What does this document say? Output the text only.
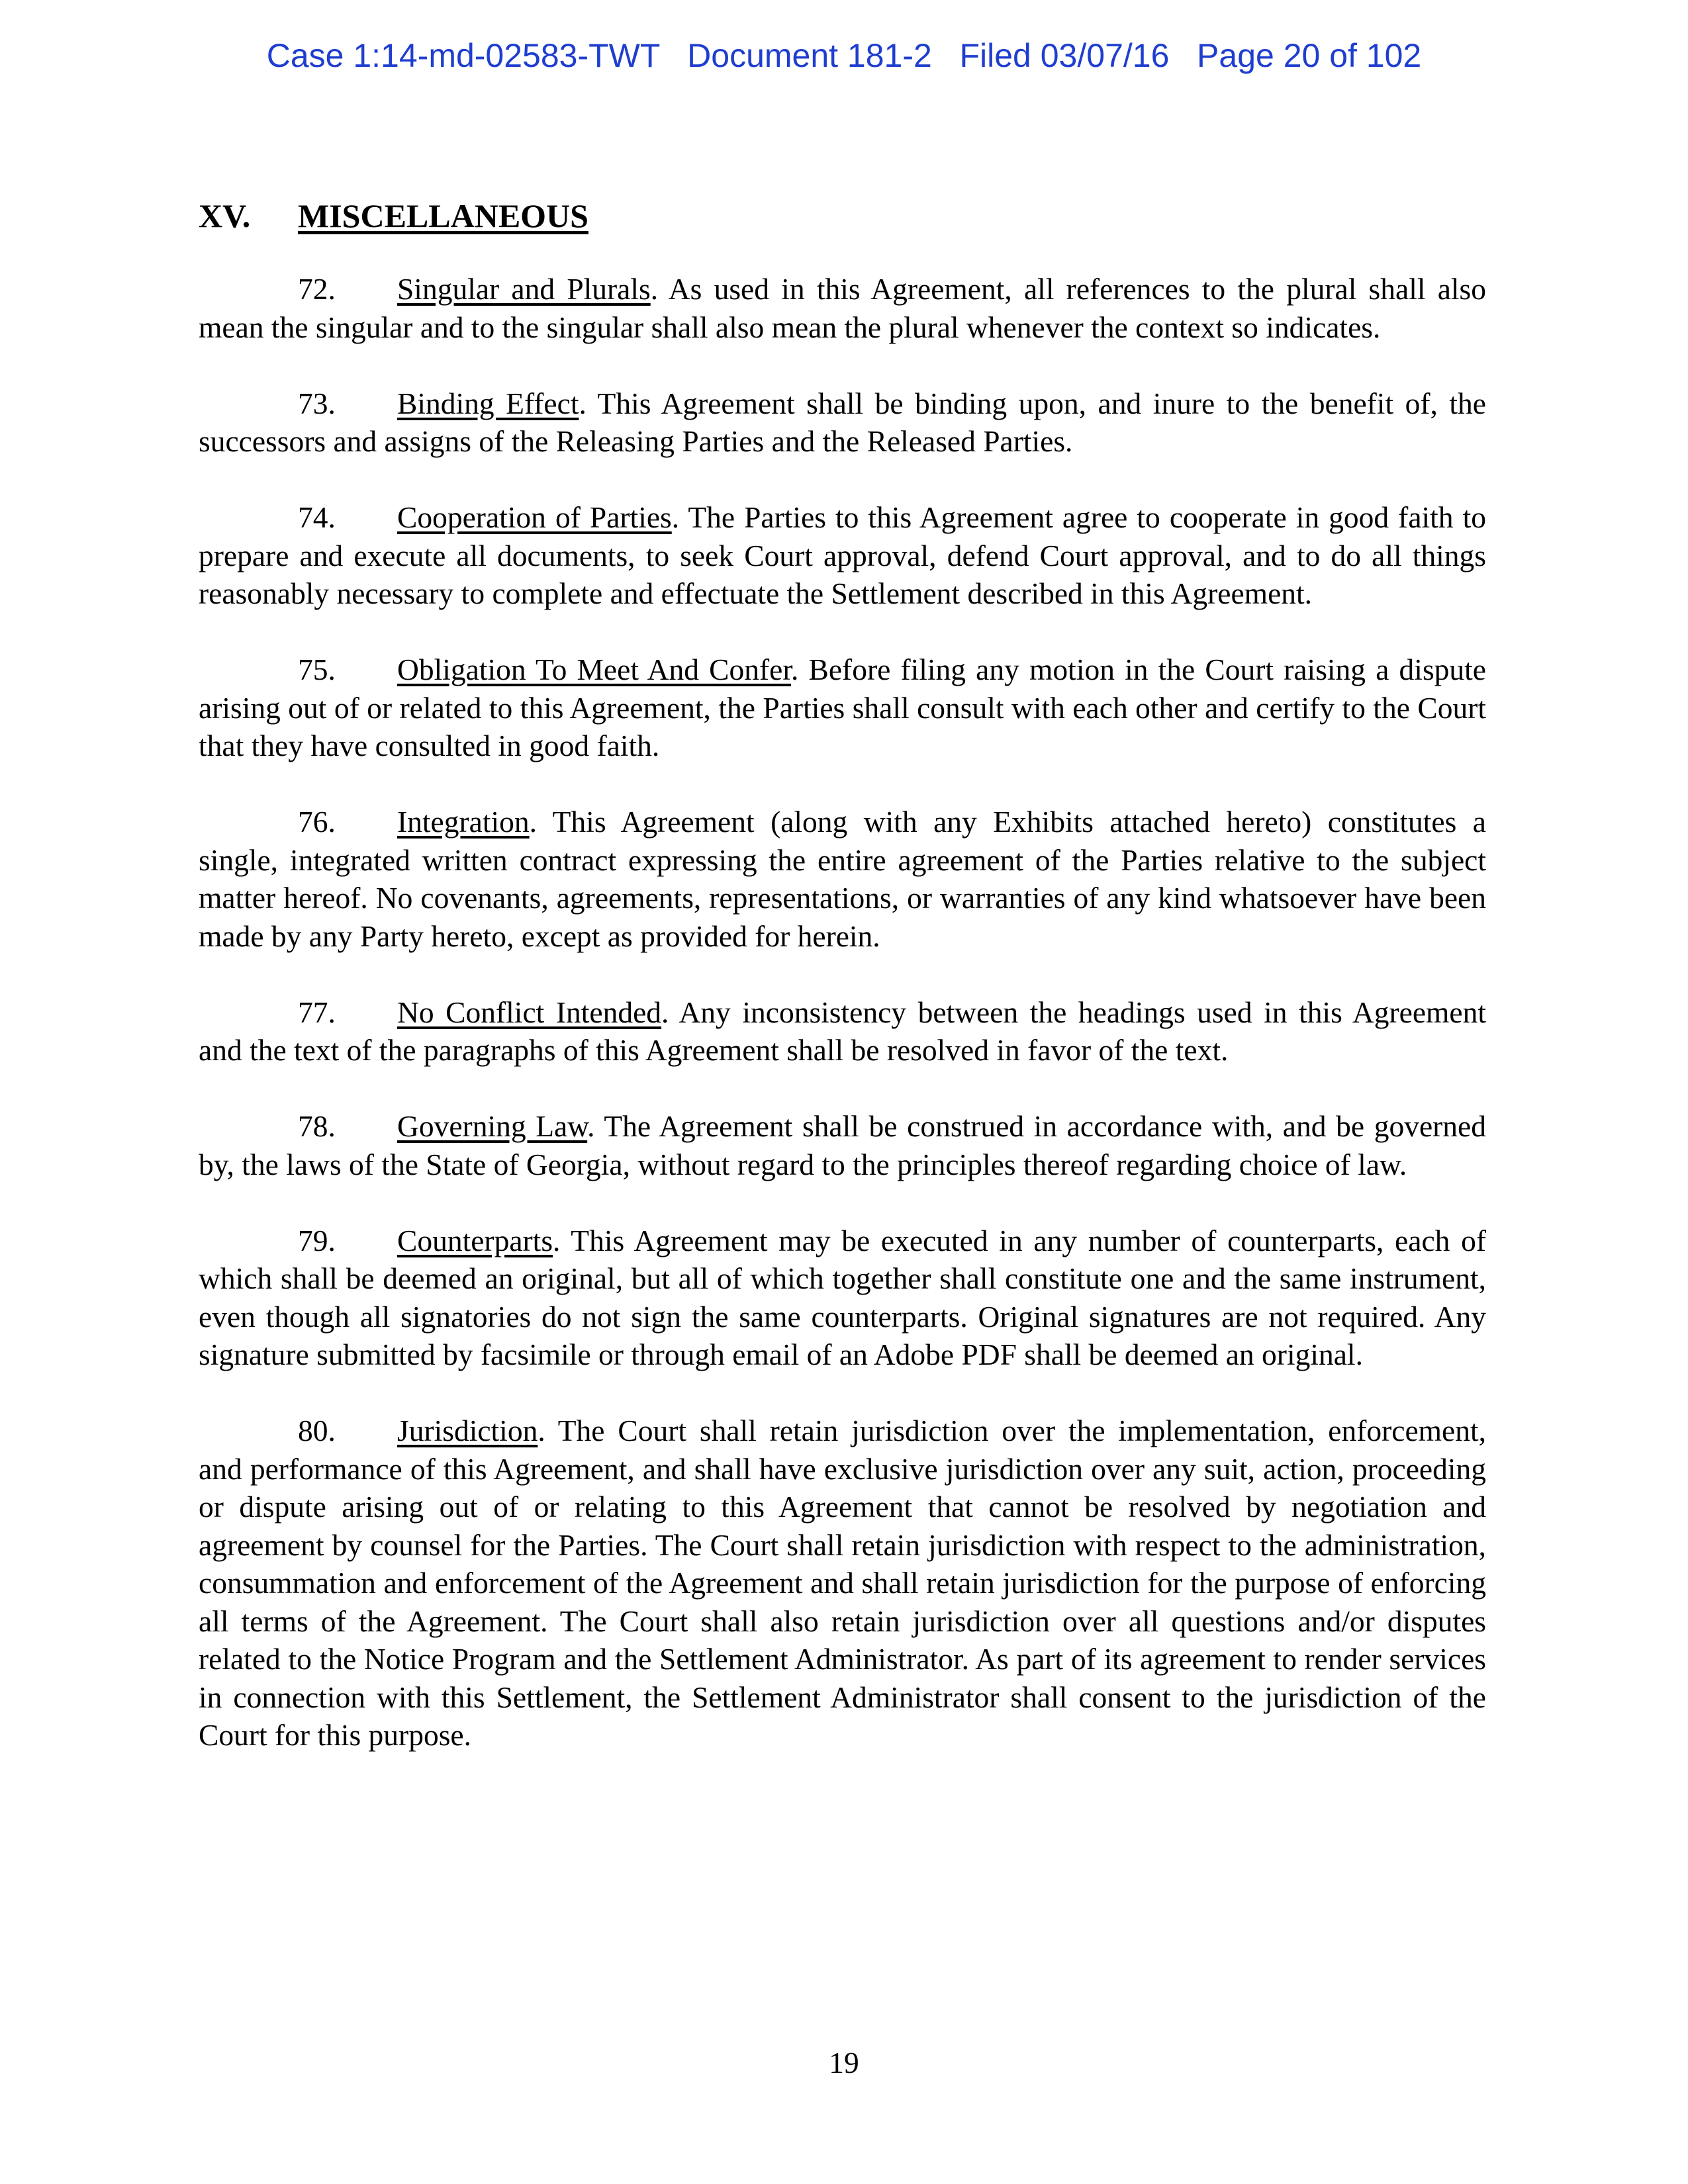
Case 1:14-md-02583-TWT   Document 181-2   Filed 03/07/16   Page 20 of 102
XV. MISCELLANEOUS

72. Singular and Plurals. As used in this Agreement, all references to the plural shall also mean the singular and to the singular shall also mean the plural whenever the context so indicates.

73. Binding Effect. This Agreement shall be binding upon, and inure to the benefit of, the successors and assigns of the Releasing Parties and the Released Parties.

74. Cooperation of Parties. The Parties to this Agreement agree to cooperate in good faith to prepare and execute all documents, to seek Court approval, defend Court approval, and to do all things reasonably necessary to complete and effectuate the Settlement described in this Agreement.

75. Obligation To Meet And Confer. Before filing any motion in the Court raising a dispute arising out of or related to this Agreement, the Parties shall consult with each other and certify to the Court that they have consulted in good faith.

76. Integration. This Agreement (along with any Exhibits attached hereto) constitutes a single, integrated written contract expressing the entire agreement of the Parties relative to the subject matter hereof. No covenants, agreements, representations, or warranties of any kind whatsoever have been made by any Party hereto, except as provided for herein.

77. No Conflict Intended. Any inconsistency between the headings used in this Agreement and the text of the paragraphs of this Agreement shall be resolved in favor of the text.

78. Governing Law. The Agreement shall be construed in accordance with, and be governed by, the laws of the State of Georgia, without regard to the principles thereof regarding choice of law.

79. Counterparts. This Agreement may be executed in any number of counterparts, each of which shall be deemed an original, but all of which together shall constitute one and the same instrument, even though all signatories do not sign the same counterparts. Original signatures are not required. Any signature submitted by facsimile or through email of an Adobe PDF shall be deemed an original.

80. Jurisdiction. The Court shall retain jurisdiction over the implementation, enforcement, and performance of this Agreement, and shall have exclusive jurisdiction over any suit, action, proceeding or dispute arising out of or relating to this Agreement that cannot be resolved by negotiation and agreement by counsel for the Parties. The Court shall retain jurisdiction with respect to the administration, consummation and enforcement of the Agreement and shall retain jurisdiction for the purpose of enforcing all terms of the Agreement. The Court shall also retain jurisdiction over all questions and/or disputes related to the Notice Program and the Settlement Administrator. As part of its agreement to render services in connection with this Settlement, the Settlement Administrator shall consent to the jurisdiction of the Court for this purpose.

19
